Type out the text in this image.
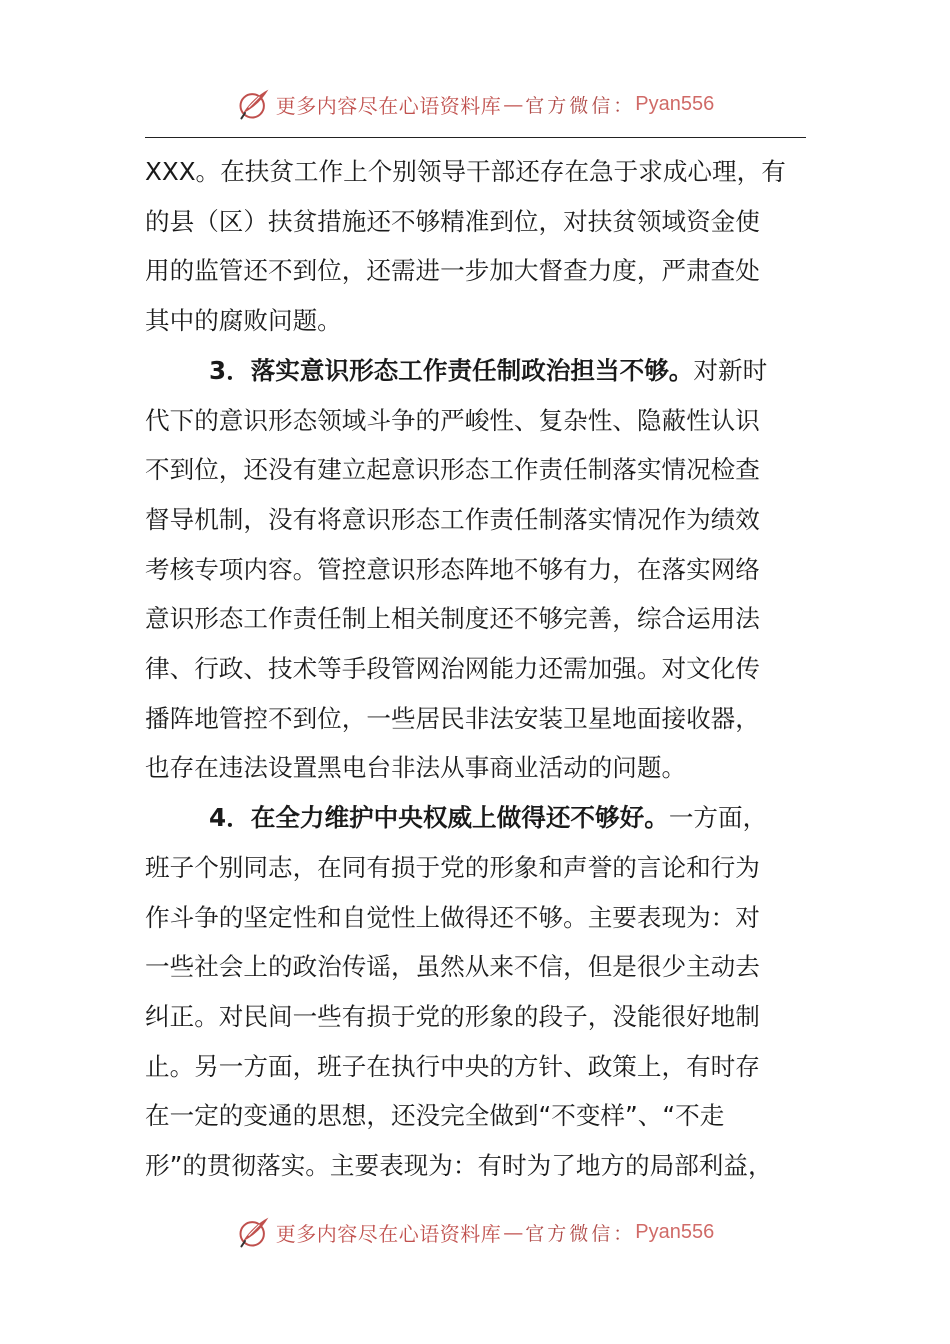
更多内容尽在心语资料库 — 官方微信： Pyan556

XXX。在扶贫工作上个别领导干部还存在急于求成心理，有
的县（区）扶贫措施还不够精准到位，对扶贫领域资金使
用的监管还不到位，还需进一步加大督查力度，严肃查处
其中的腐败问题。

3．落实意识形态工作责任制政治担当不够。对新时
代下的意识形态领域斗争的严峻性、复杂性、隐蔽性认识
不到位，还没有建立起意识形态工作责任制落实情况检查
督导机制，没有将意识形态工作责任制落实情况作为绩效
考核专项内容。管控意识形态阵地不够有力，在落实网络
意识形态工作责任制上相关制度还不够完善，综合运用法
律、行政、技术等手段管网治网能力还需加强。对文化传
播阵地管控不到位，一些居民非法安装卫星地面接收器，
也存在违法设置黑电台非法从事商业活动的问题。

4．在全力维护中央权威上做得还不够好。一方面，
班子个别同志，在同有损于党的形象和声誉的言论和行为
作斗争的坚定性和自觉性上做得还不够。主要表现为：对
一些社会上的政治传谣，虽然从来不信，但是很少主动去
纠正。对民间一些有损于党的形象的段子，没能很好地制
止。另一方面，班子在执行中央的方针、政策上，有时存
在一定的变通的思想，还没完全做到“不变样”、“不走
形”的贯彻落实。主要表现为：有时为了地方的局部利益，

更多内容尽在心语资料库 — 官方微信： Pyan556
